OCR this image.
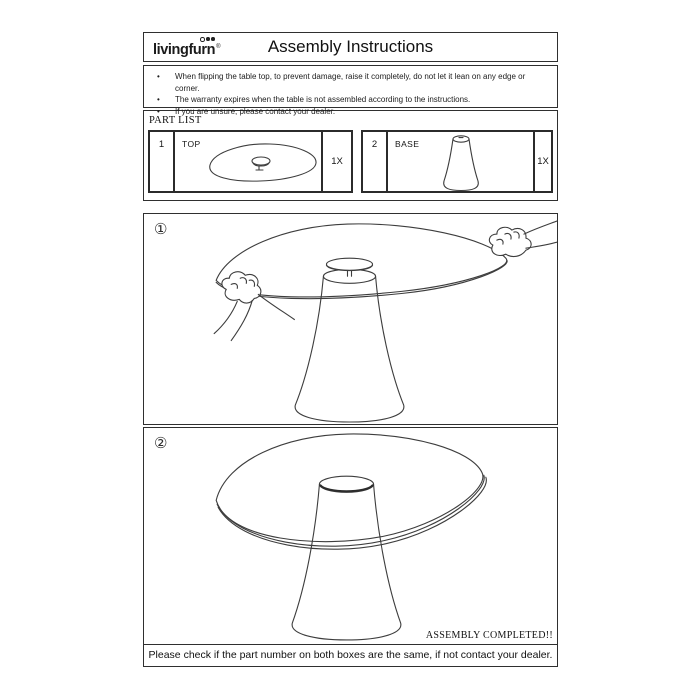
livingfurn®	Assembly Instructions
•	When flipping the table top, to prevent damage, raise it completely, do not let it lean on any edge or corner.
•	The warranty expires when the table is not assembled according to the instructions.
•	If you are unsure, please contact your dealer.
PART LIST
1	TOP
1X
2	BASE
1X
①
②
ASSEMBLY COMPLETED!!
Please check if the part number on both boxes are the same, if not contact your dealer.
